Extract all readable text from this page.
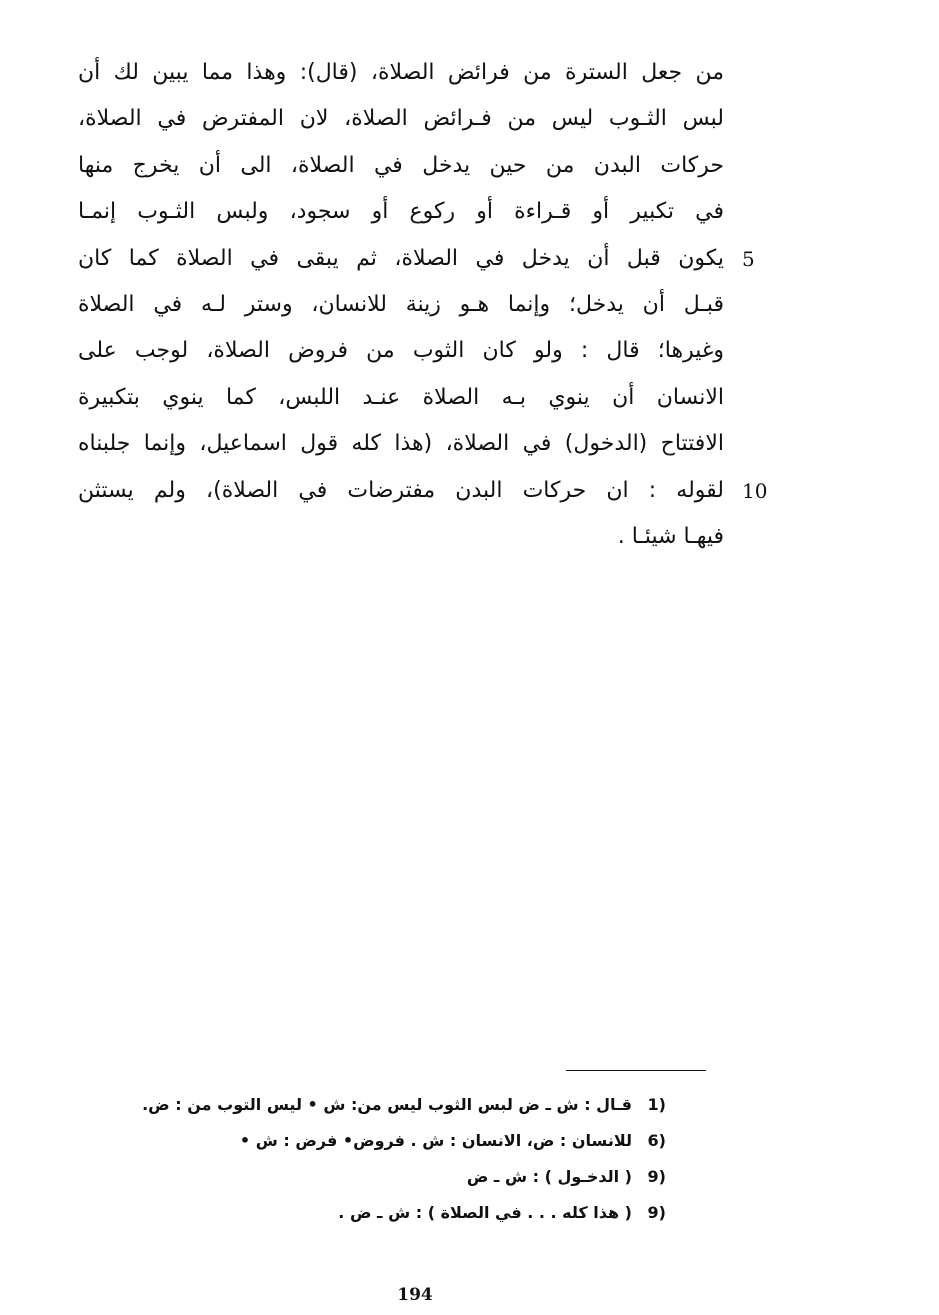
من جعل السترة من فرائض الصلاة، (قال): وهذا مما يبين لك أن
لبس الثـوب ليس من فـرائض الصلاة، لان المفترض في الصلاة،
حركات البدن من حين يدخل في الصلاة، الى أن يخرج منها
في تكبير أو قـراءة أو ركوع أو سجود، ولبس الثـوب إنمـا
يكون قبل أن يدخل في الصلاة، ثم يبقى في الصلاة كما كان
قبـل أن يدخل؛ وإنما هـو زينة للانسان، وستر لـه في الصلاة
وغيرها؛ قال : ولو كان الثوب من فروض الصلاة، لوجب على
الانسان أن ينوي بـه الصلاة عنـد اللبس، كما ينوي بتكبيرة
الافتتاح (الدخول) في الصلاة، (هذا كله قول اسماعيل، وإنما جلبناه
لقوله : ان حركات البدن مفترضات في الصلاة)، ولم يستثن
فيهـا شيئـا .
5
10
1)
قـال : ش ـ ض لبس الثوب ليس من: ش • ليس التوب من : ض.
6)
للانسان : ض، الانسان : ش . فروض• فرض : ش •
9)
( الدخـول ) : ش ـ ض
9)
( هذا كله . . . في الصلاة ) : ش ـ ض .
194
